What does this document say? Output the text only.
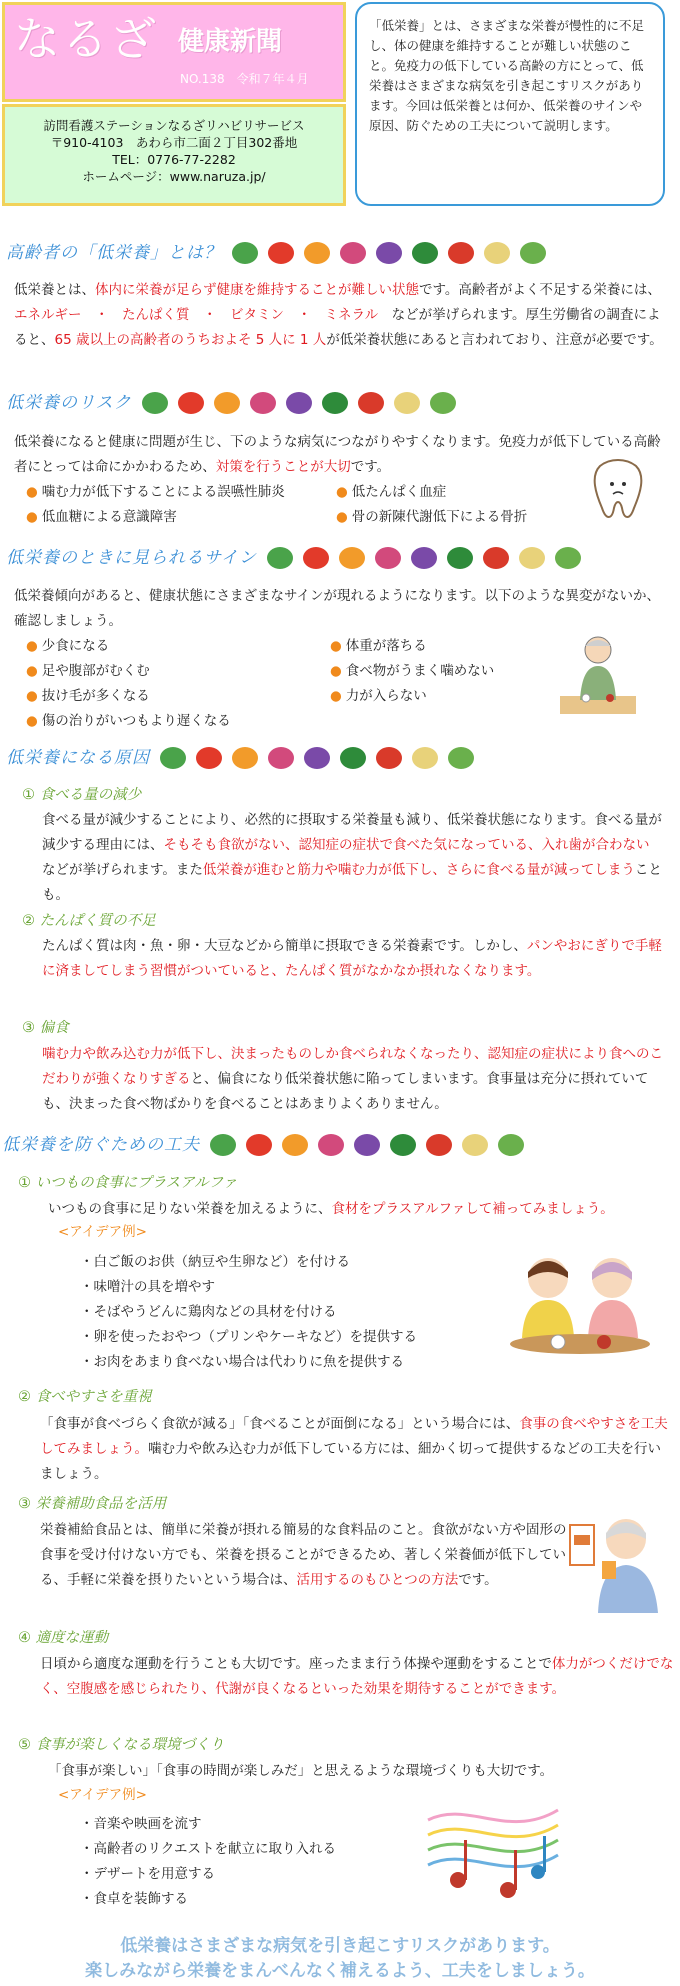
なるざ 健康新聞
NO.138　令和７年４月
訪問看護ステーションなるざリハビリサービス
〒910-4103　あわら市二面２丁目302番地
TEL：0776-77-2282
ホームページ：www.naruza.jp/
「低栄養」とは、さまざまな栄養が慢性的に不足し、体の健康を維持することが難しい状態のこと。免疫力の低下している高齢の方にとって、低栄養はさまざまな病気を引き起こすリスクがあります。今回は低栄養とは何か、低栄養のサインや原因、防ぐための工夫について説明します。
高齢者の「低栄養」とは？
低栄養とは、体内に栄養が足らず健康を維持することが難しい状態です。高齢者がよく不足する栄養には、エネルギー　・　たんぱく質　・　ビタミン　・　ミネラル　などが挙げられます。厚生労働省の調査によると、65 歳以上の高齢者のうちおよそ 5 人に 1 人が低栄養状態にあると言われており、注意が必要です。
低栄養のリスク
低栄養になると健康に問題が生じ、下のような病気につながりやすくなります。免疫力が低下している高齢者にとっては命にかかわるため、対策を行うことが大切です。
● 噛む力が低下することによる誤嚥性肺炎
● 低血糖による意識障害
● 低たんぱく血症
● 骨の新陳代謝低下による骨折
低栄養のときに見られるサイン
低栄養傾向があると、健康状態にさまざまなサインが現れるようになります。以下のような異変がないか、確認しましょう。
● 少食になる
● 足や腹部がむくむ
● 抜け毛が多くなる
● 傷の治りがいつもより遅くなる
● 体重が落ちる
● 食べ物がうまく噛めない
● 力が入らない
低栄養になる原因
① 食べる量の減少
食べる量が減少することにより、必然的に摂取する栄養量も減り、低栄養状態になります。食べる量が減少する理由には、そもそも食欲がない、認知症の症状で食べた気になっている、入れ歯が合わないなどが挙げられます。また低栄養が進むと筋力や噛む力が低下し、さらに食べる量が減ってしまうことも。
② たんぱく質の不足
たんぱく質は肉・魚・卵・大豆などから簡単に摂取できる栄養素です。しかし、パンやおにぎりで手軽に済ましてしまう習慣がついていると、たんぱく質がなかなか摂れなくなります。
③ 偏食
噛む力や飲み込む力が低下し、決まったものしか食べられなくなったり、認知症の症状により食へのこだわりが強くなりすぎると、偏食になり低栄養状態に陥ってしまいます。食事量は充分に摂れていても、決まった食べ物ばかりを食べることはあまりよくありません。
低栄養を防ぐための工夫
① いつもの食事にプラスアルファ
いつもの食事に足りない栄養を加えるように、食材をプラスアルファして補ってみましょう。
<アイデア例>
・白ご飯のお供（納豆や生卵など）を付ける
・味噌汁の具を増やす
・そばやうどんに鶏肉などの具材を付ける
・卵を使ったおやつ（プリンやケーキなど）を提供する
・お肉をあまり食べない場合は代わりに魚を提供する
② 食べやすさを重視
「食事が食べづらく食欲が減る」「食べることが面倒になる」という場合には、食事の食べやすさを工夫してみましょう。噛む力や飲み込む力が低下している方には、細かく切って提供するなどの工夫を行いましょう。
③ 栄養補助食品を活用
栄養補給食品とは、簡単に栄養が摂れる簡易的な食料品のこと。食欲がない方や固形の食事を受け付けない方でも、栄養を摂ることができるため、著しく栄養価が低下している、手軽に栄養を摂りたいという場合は、活用するのもひとつの方法です。
④ 適度な運動
日頃から適度な運動を行うことも大切です。座ったまま行う体操や運動をすることで体力がつくだけでなく、空腹感を感じられたり、代謝が良くなるといった効果を期待することができます。
⑤ 食事が楽しくなる環境づくり
「食事が楽しい」「食事の時間が楽しみだ」と思えるような環境づくりも大切です。
<アイデア例>
・音楽や映画を流す
・高齢者のリクエストを献立に取り入れる
・デザートを用意する
・食卓を装飾する
低栄養はさまざまな病気を引き起こすリスクがあります。
楽しみながら栄養をまんべんなく補えるよう、工夫をしましょう。
